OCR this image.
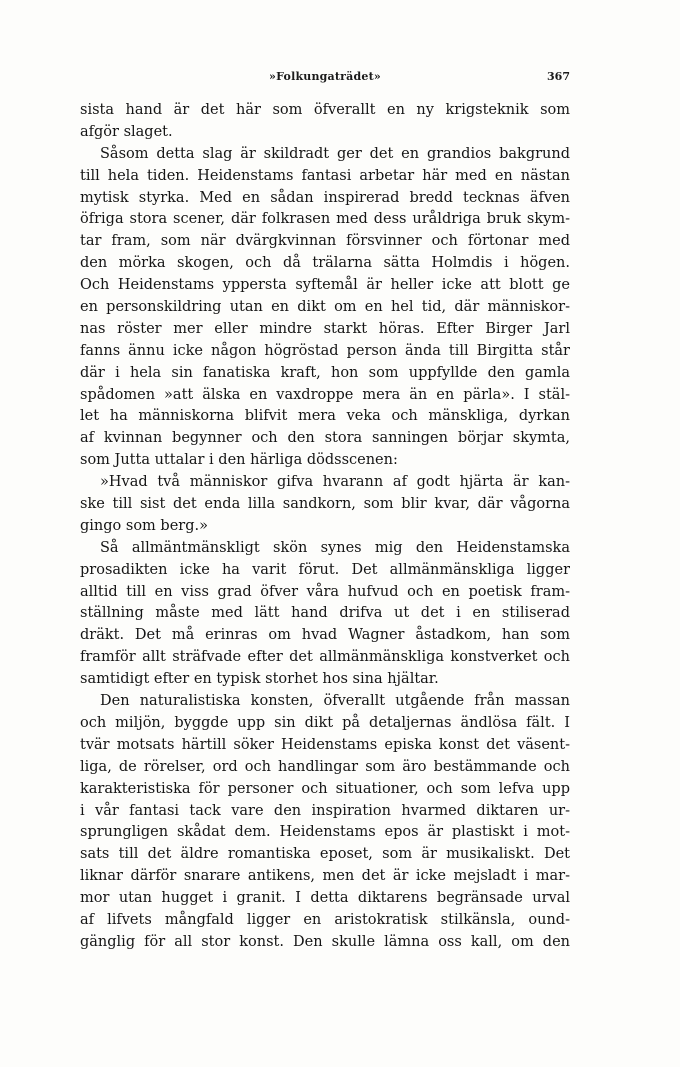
»Folkungaträdet»	367
sista hand är det här som öfverallt en ny krigsteknik som
afgör slaget.
Såsom detta slag är skildradt ger det en grandios bakgrund
till hela tiden. Heidenstams fantasi arbetar här med en nästan
mytisk styrka. Med en sådan inspirerad bredd tecknas äfven
öfriga stora scener, där folkrasen med dess uråldriga bruk skym-
tar fram, som när dvärgkvinnan försvinner och förtonar med
den mörka skogen, och då trälarna sätta Holmdis i högen.
Och Heidenstams yppersta syftemål är heller icke att blott ge
en personskildring utan en dikt om en hel tid, där människor-
nas röster mer eller mindre starkt höras. Efter Birger Jarl
fanns ännu icke någon högröstad person ända till Birgitta står
där i hela sin fanatiska kraft, hon som uppfyllde den gamla
spådomen »att älska en vaxdroppe mera än en pärla». I stäl-
let ha människorna blifvit mera veka och mänskliga, dyrkan
af kvinnan begynner och den stora sanningen börjar skymta,
som Jutta uttalar i den härliga dödsscenen:
»Hvad två människor gifva hvarann af godt hjärta är kan-
ske till sist det enda lilla sandkorn, som blir kvar, där vågorna
gingo som berg.»
Så allmäntmänskligt skön synes mig den Heidenstamska
prosadikten icke ha varit förut. Det allmänmänskliga ligger
alltid till en viss grad öfver våra hufvud och en poetisk fram-
ställning måste med lätt hand drifva ut det i en stiliserad
dräkt. Det må erinras om hvad Wagner åstadkom, han som
framför allt sträfvade efter det allmänmänskliga konstverket och
samtidigt efter en typisk storhet hos sina hjältar.
Den naturalistiska konsten, öfverallt utgående från massan
och miljön, byggde upp sin dikt på detaljernas ändlösa fält. I
tvär motsats härtill söker Heidenstams episka konst det väsent-
liga, de rörelser, ord och handlingar som äro bestämmande och
karakteristiska för personer och situationer, och som lefva upp
i vår fantasi tack vare den inspiration hvarmed diktaren ur-
sprungligen skådat dem. Heidenstams epos är plastiskt i mot-
sats till det äldre romantiska eposet, som är musikaliskt. Det
liknar därför snarare antikens, men det är icke mejsladt i mar-
mor utan hugget i granit. I detta diktarens begränsade urval
af lifvets mångfald ligger en aristokratisk stilkänsla, ound-
gänglig för all stor konst. Den skulle lämna oss kall, om den
